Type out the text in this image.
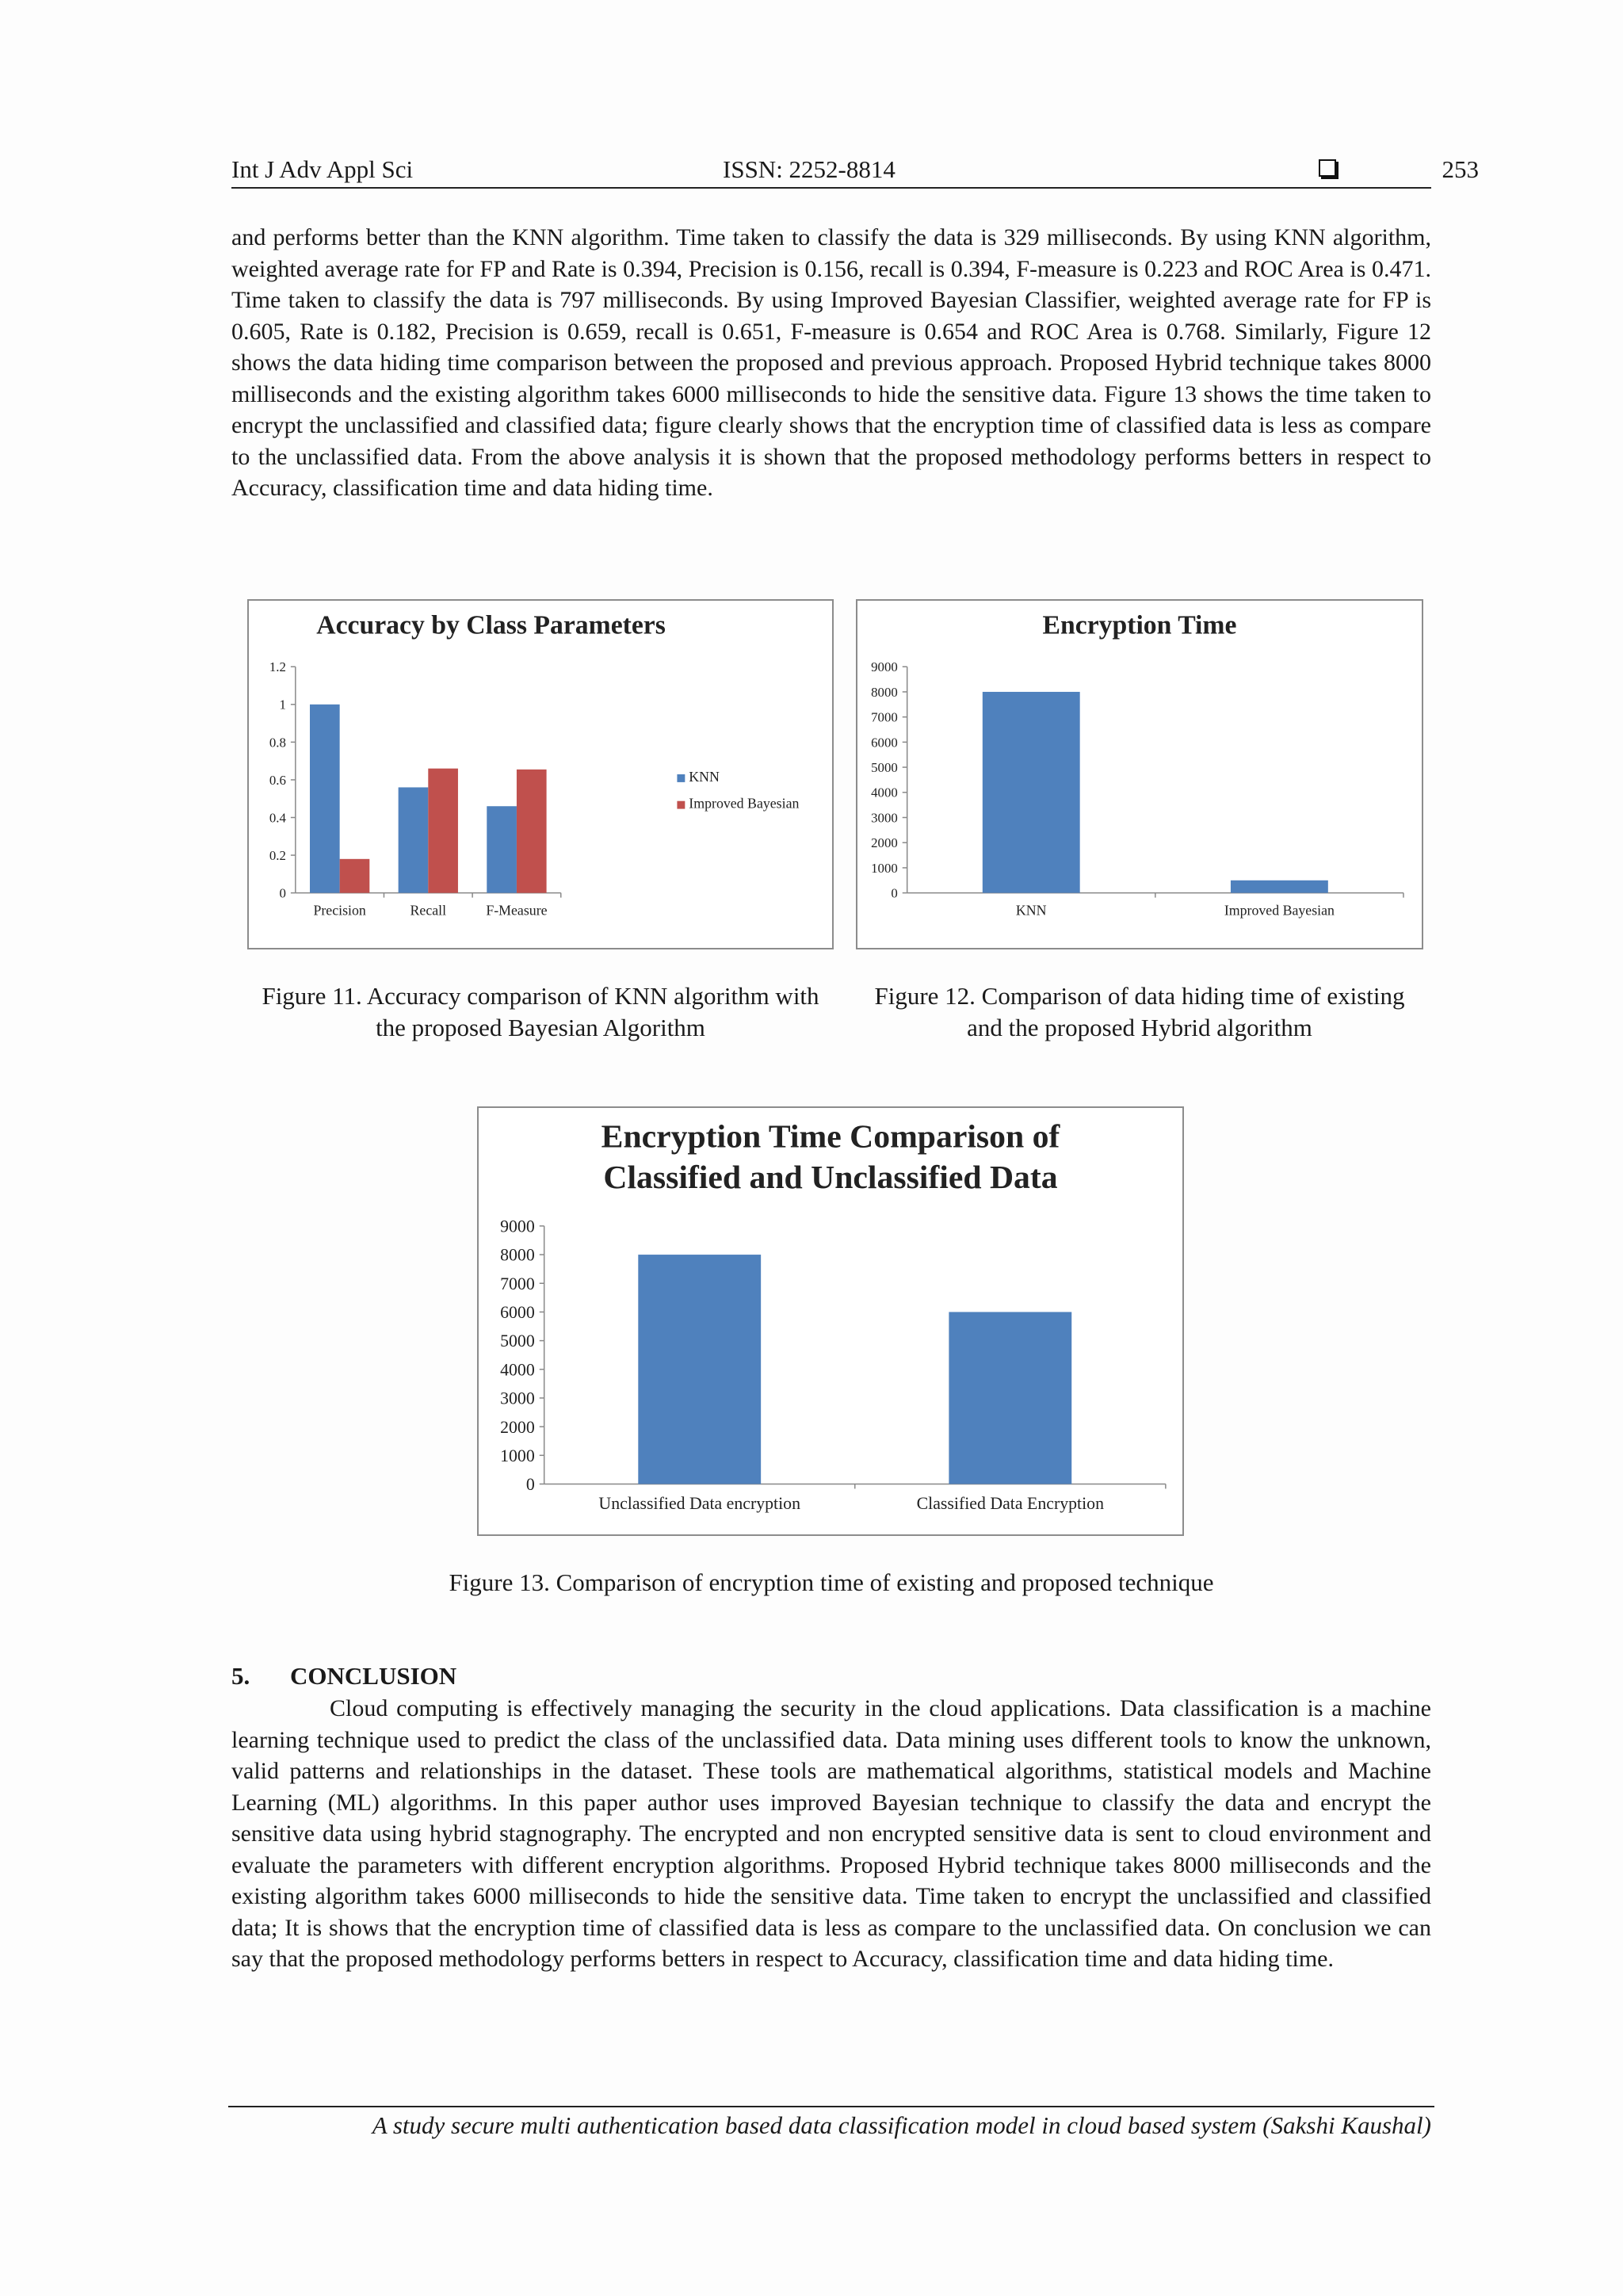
Int J Adv Appl Sci	ISSN: 2252-8814	253

and performs better than the KNN algorithm. Time taken to classify the data is 329 milliseconds. By using KNN algorithm, weighted average rate for FP and Rate is 0.394, Precision is 0.156, recall is 0.394, F-measure is 0.223 and ROC Area is 0.471. Time taken to classify the data is 797 milliseconds. By using Improved Bayesian Classifier, weighted average rate for FP is 0.605, Rate is 0.182, Precision is 0.659, recall is 0.651, F-measure is 0.654 and ROC Area is 0.768. Similarly, Figure 12 shows the data hiding time comparison between the proposed and previous approach. Proposed Hybrid technique takes 8000 milliseconds and the existing algorithm takes 6000 milliseconds to hide the sensitive data. Figure 13 shows the time taken to encrypt the unclassified and classified data; figure clearly shows that the encryption time of classified data is less as compare to the unclassified data. From the above analysis it is shown that the proposed methodology performs betters in respect to Accuracy, classification time and data hiding time.

Accuracy by Class Parameters
0
0.2
0.4
0.6
0.8
1
1.2
Precision	Recall	F-Measure
KNN
Improved Bayesian
Encryption Time
0
1000
2000
3000
4000
5000
6000
7000
8000
9000
KNN	Improved Bayesian
Figure 11. Accuracy comparison of KNN algorithm with the proposed Bayesian Algorithm
Figure 12. Comparison of data hiding time of existing and the proposed Hybrid algorithm
Encryption Time Comparison of
Classified and Unclassified Data
0
1000
2000
3000
4000
5000
6000
7000
8000
9000
Unclassified Data encryption	Classified Data Encryption
Figure 13. Comparison of encryption time of existing and proposed technique
5. CONCLUSION

Cloud computing is effectively managing the security in the cloud applications. Data classification is a machine learning technique used to predict the class of the unclassified data. Data mining uses different tools to know the unknown, valid patterns and relationships in the dataset. These tools are mathematical algorithms, statistical models and Machine Learning (ML) algorithms. In this paper author uses improved Bayesian technique to classify the data and encrypt the sensitive data using hybrid stagnography. The encrypted and non encrypted sensitive data is sent to cloud environment and evaluate the parameters with different encryption algorithms. Proposed Hybrid technique takes 8000 milliseconds and the existing algorithm takes 6000 milliseconds to hide the sensitive data. Time taken to encrypt the unclassified and classified data; It is shows that the encryption time of classified data is less as compare to the unclassified data. On conclusion we can say that the proposed methodology performs betters in respect to Accuracy, classification time and data hiding time.

A study secure multi authentication based data classification model in cloud based system (Sakshi Kaushal)
